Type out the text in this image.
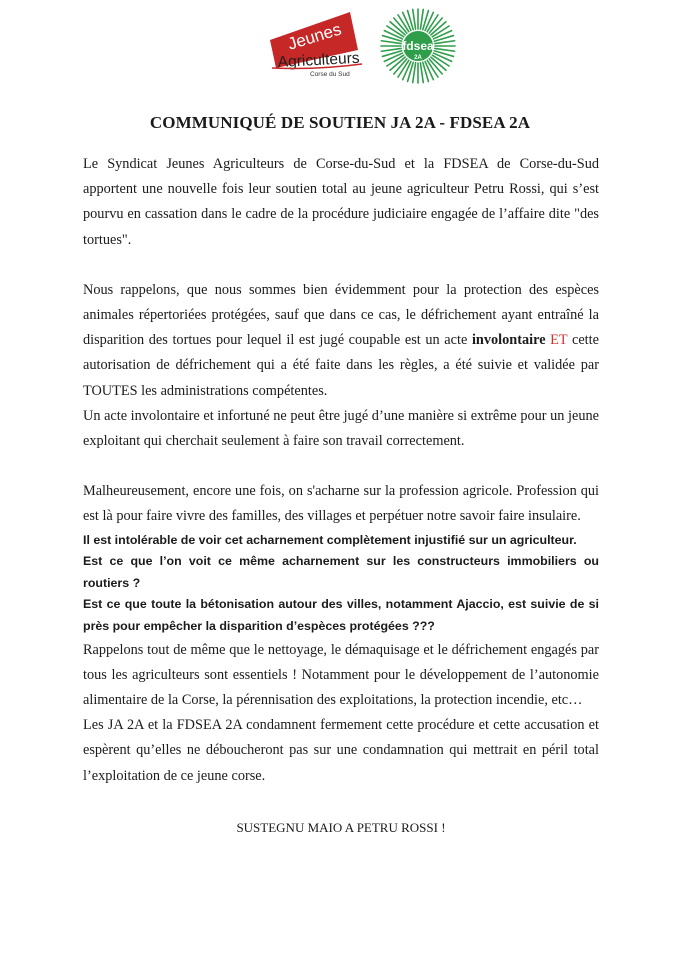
Jeunes
Agriculteurs
Corse du Sud
fdsea
2A
COMMUNIQUÉ DE SOUTIEN JA 2A - FDSEA 2A

Le Syndicat Jeunes Agriculteurs de Corse-du-Sud et la FDSEA de Corse-du-Sud apportent une nouvelle fois leur soutien total au jeune agriculteur Petru Rossi, qui s’est pourvu en cassation dans le cadre de la procédure judiciaire engagée de l’affaire dite "des tortues".

Nous rappelons, que nous sommes bien évidemment pour la protection des espèces animales répertoriées protégées, sauf que dans ce cas, le défrichement ayant entraîné la disparition des tortues pour lequel il est jugé coupable est un acte involontaire ET cette autorisation de défrichement qui a été faite dans les règles, a été suivie et validée par TOUTES les administrations compétentes.

Un acte involontaire et infortuné ne peut être jugé d’une manière si extrême pour un jeune exploitant qui cherchait seulement à faire son travail correctement.

Malheureusement, encore une fois, on s'acharne sur la profession agricole. Profession qui est là pour faire vivre des familles, des villages et perpétuer notre savoir faire insulaire.

Il est intolérable de voir cet acharnement complètement injustifié sur un agriculteur.

Est ce que l’on voit ce même acharnement sur les constructeurs immobiliers ou routiers ?

Est ce que toute la bétonisation autour des villes, notamment Ajaccio, est suivie de si près pour empêcher la disparition d’espèces protégées ???

Rappelons tout de même que le nettoyage, le démaquisage et le défrichement engagés par tous les agriculteurs sont essentiels ! Notamment pour le développement de l’autonomie alimentaire de la Corse, la pérennisation des exploitations, la protection incendie, etc…

Les JA 2A et la FDSEA 2A condamnent fermement cette procédure et cette accusation et espèrent qu’elles ne déboucheront pas sur une condamnation qui mettrait en péril total l’exploitation de ce jeune corse.

SUSTEGNU MAIO A PETRU ROSSI !
